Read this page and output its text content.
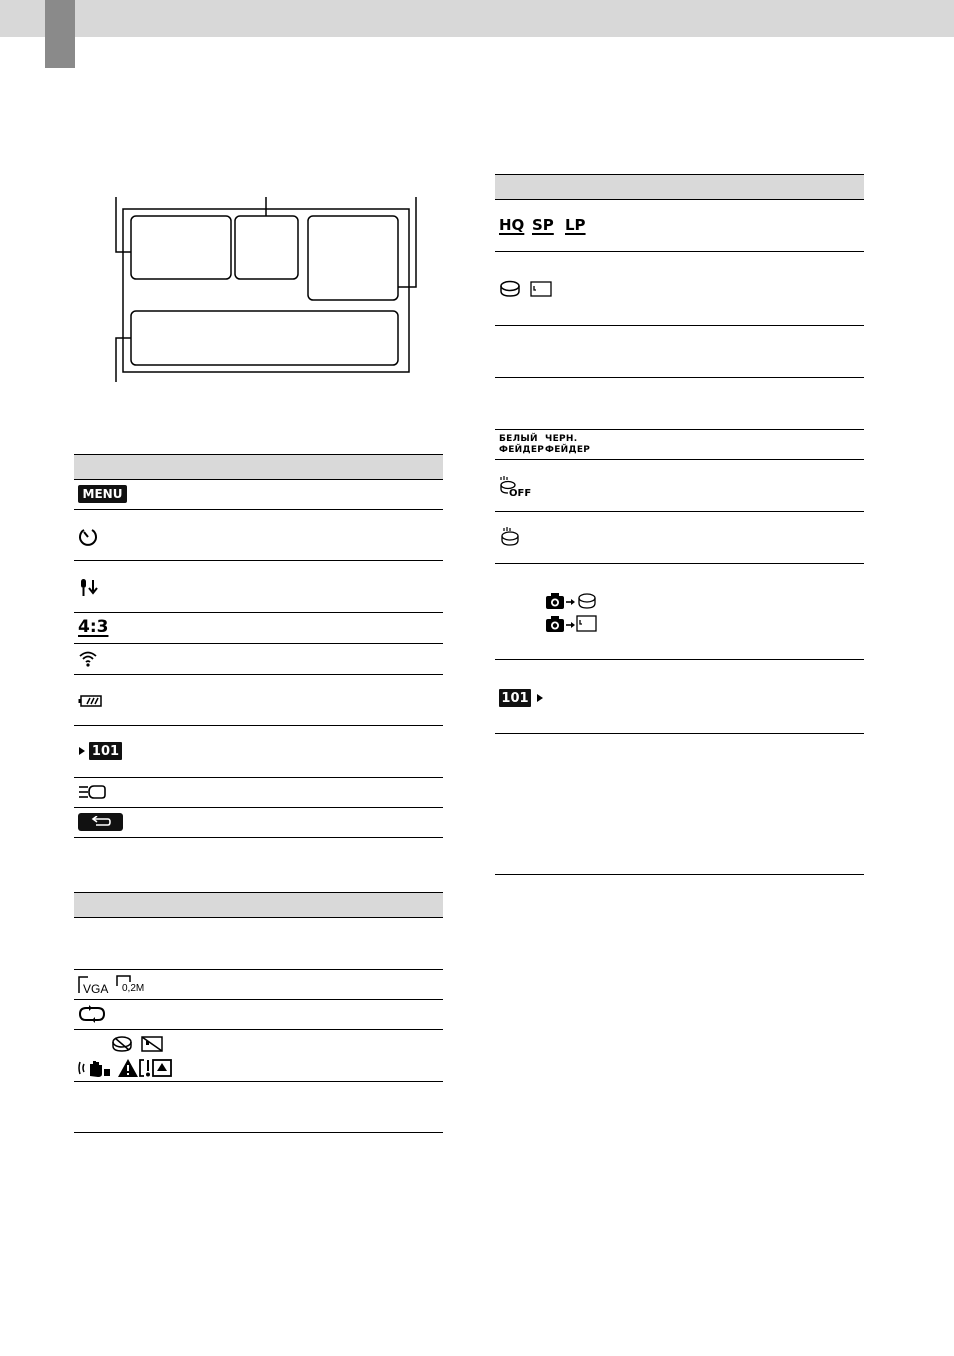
MENU
4:3
101
VGA 0,2M
HQ SP LP
БЕЛЫЙ
ФЕЙДЕР
ЧЕРН.
ФЕЙДЕР
OFF
101
